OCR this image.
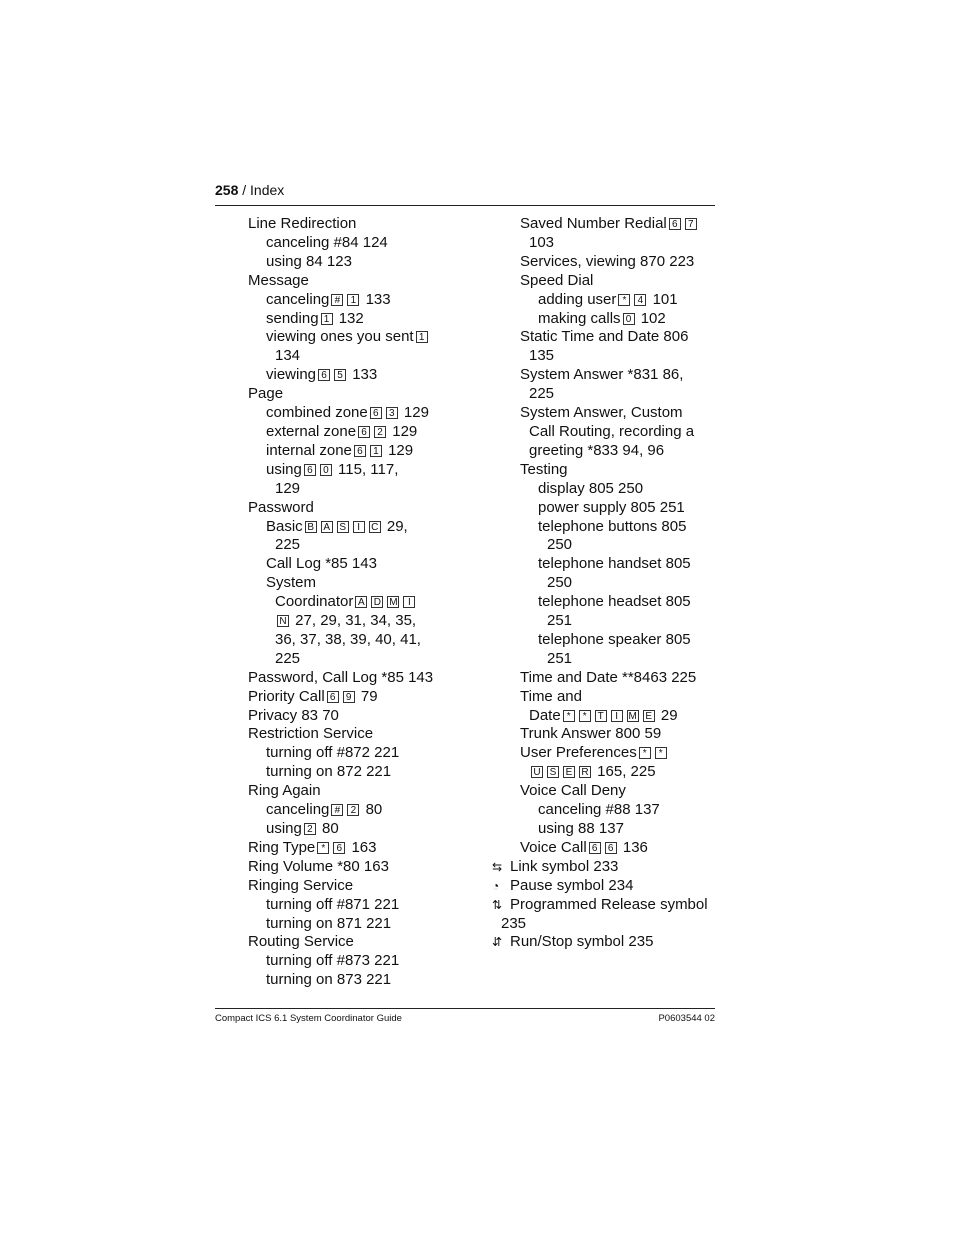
258 / Index
Line Redirection
canceling #84 124
using 84 123
Message
canceling # 1 133
sending 1 132
viewing ones you sent 1
134
viewing 6 5 133
Page
combined zone 6 3 129
external zone 6 2 129
internal zone 6 1 129
using 6 0 115, 117,
129
Password
Basic B A S I C 29,
225
Call Log *85 143
System
Coordinator A D M I
N 27, 29, 31, 34, 35,
36, 37, 38, 39, 40, 41,
225
Password, Call Log *85 143
Priority Call 6 9 79
Privacy 83 70
Restriction Service
turning off #872 221
turning on 872 221
Ring Again
canceling # 2 80
using 2 80
Ring Type * 6 163
Ring Volume *80 163
Ringing Service
turning off #871 221
turning on 871 221
Routing Service
turning off #873 221
turning on 873 221
Saved Number Redial 6 7
103
Services, viewing 870 223
Speed Dial
adding user * 4 101
making calls 0 102
Static Time and Date 806
135
System Answer *831 86,
225
System Answer, Custom
Call Routing, recording a
greeting *833 94, 96
Testing
display 805 250
power supply 805 251
telephone buttons 805
250
telephone handset 805
250
telephone headset 805
251
telephone speaker 805
251
Time and Date **8463 225
Time and
Date * * T I M E 29
Trunk Answer 800 59
User Preferences * *
U S E R 165, 225
Voice Call Deny
canceling #88 137
using 88 137
Voice Call 6 6 136
⇆ Link symbol 233
◔ Pause symbol 234
⇅ Programmed Release symbol
235
⇵ Run/Stop symbol 235
Compact ICS 6.1 System Coordinator Guide	P0603544 02
